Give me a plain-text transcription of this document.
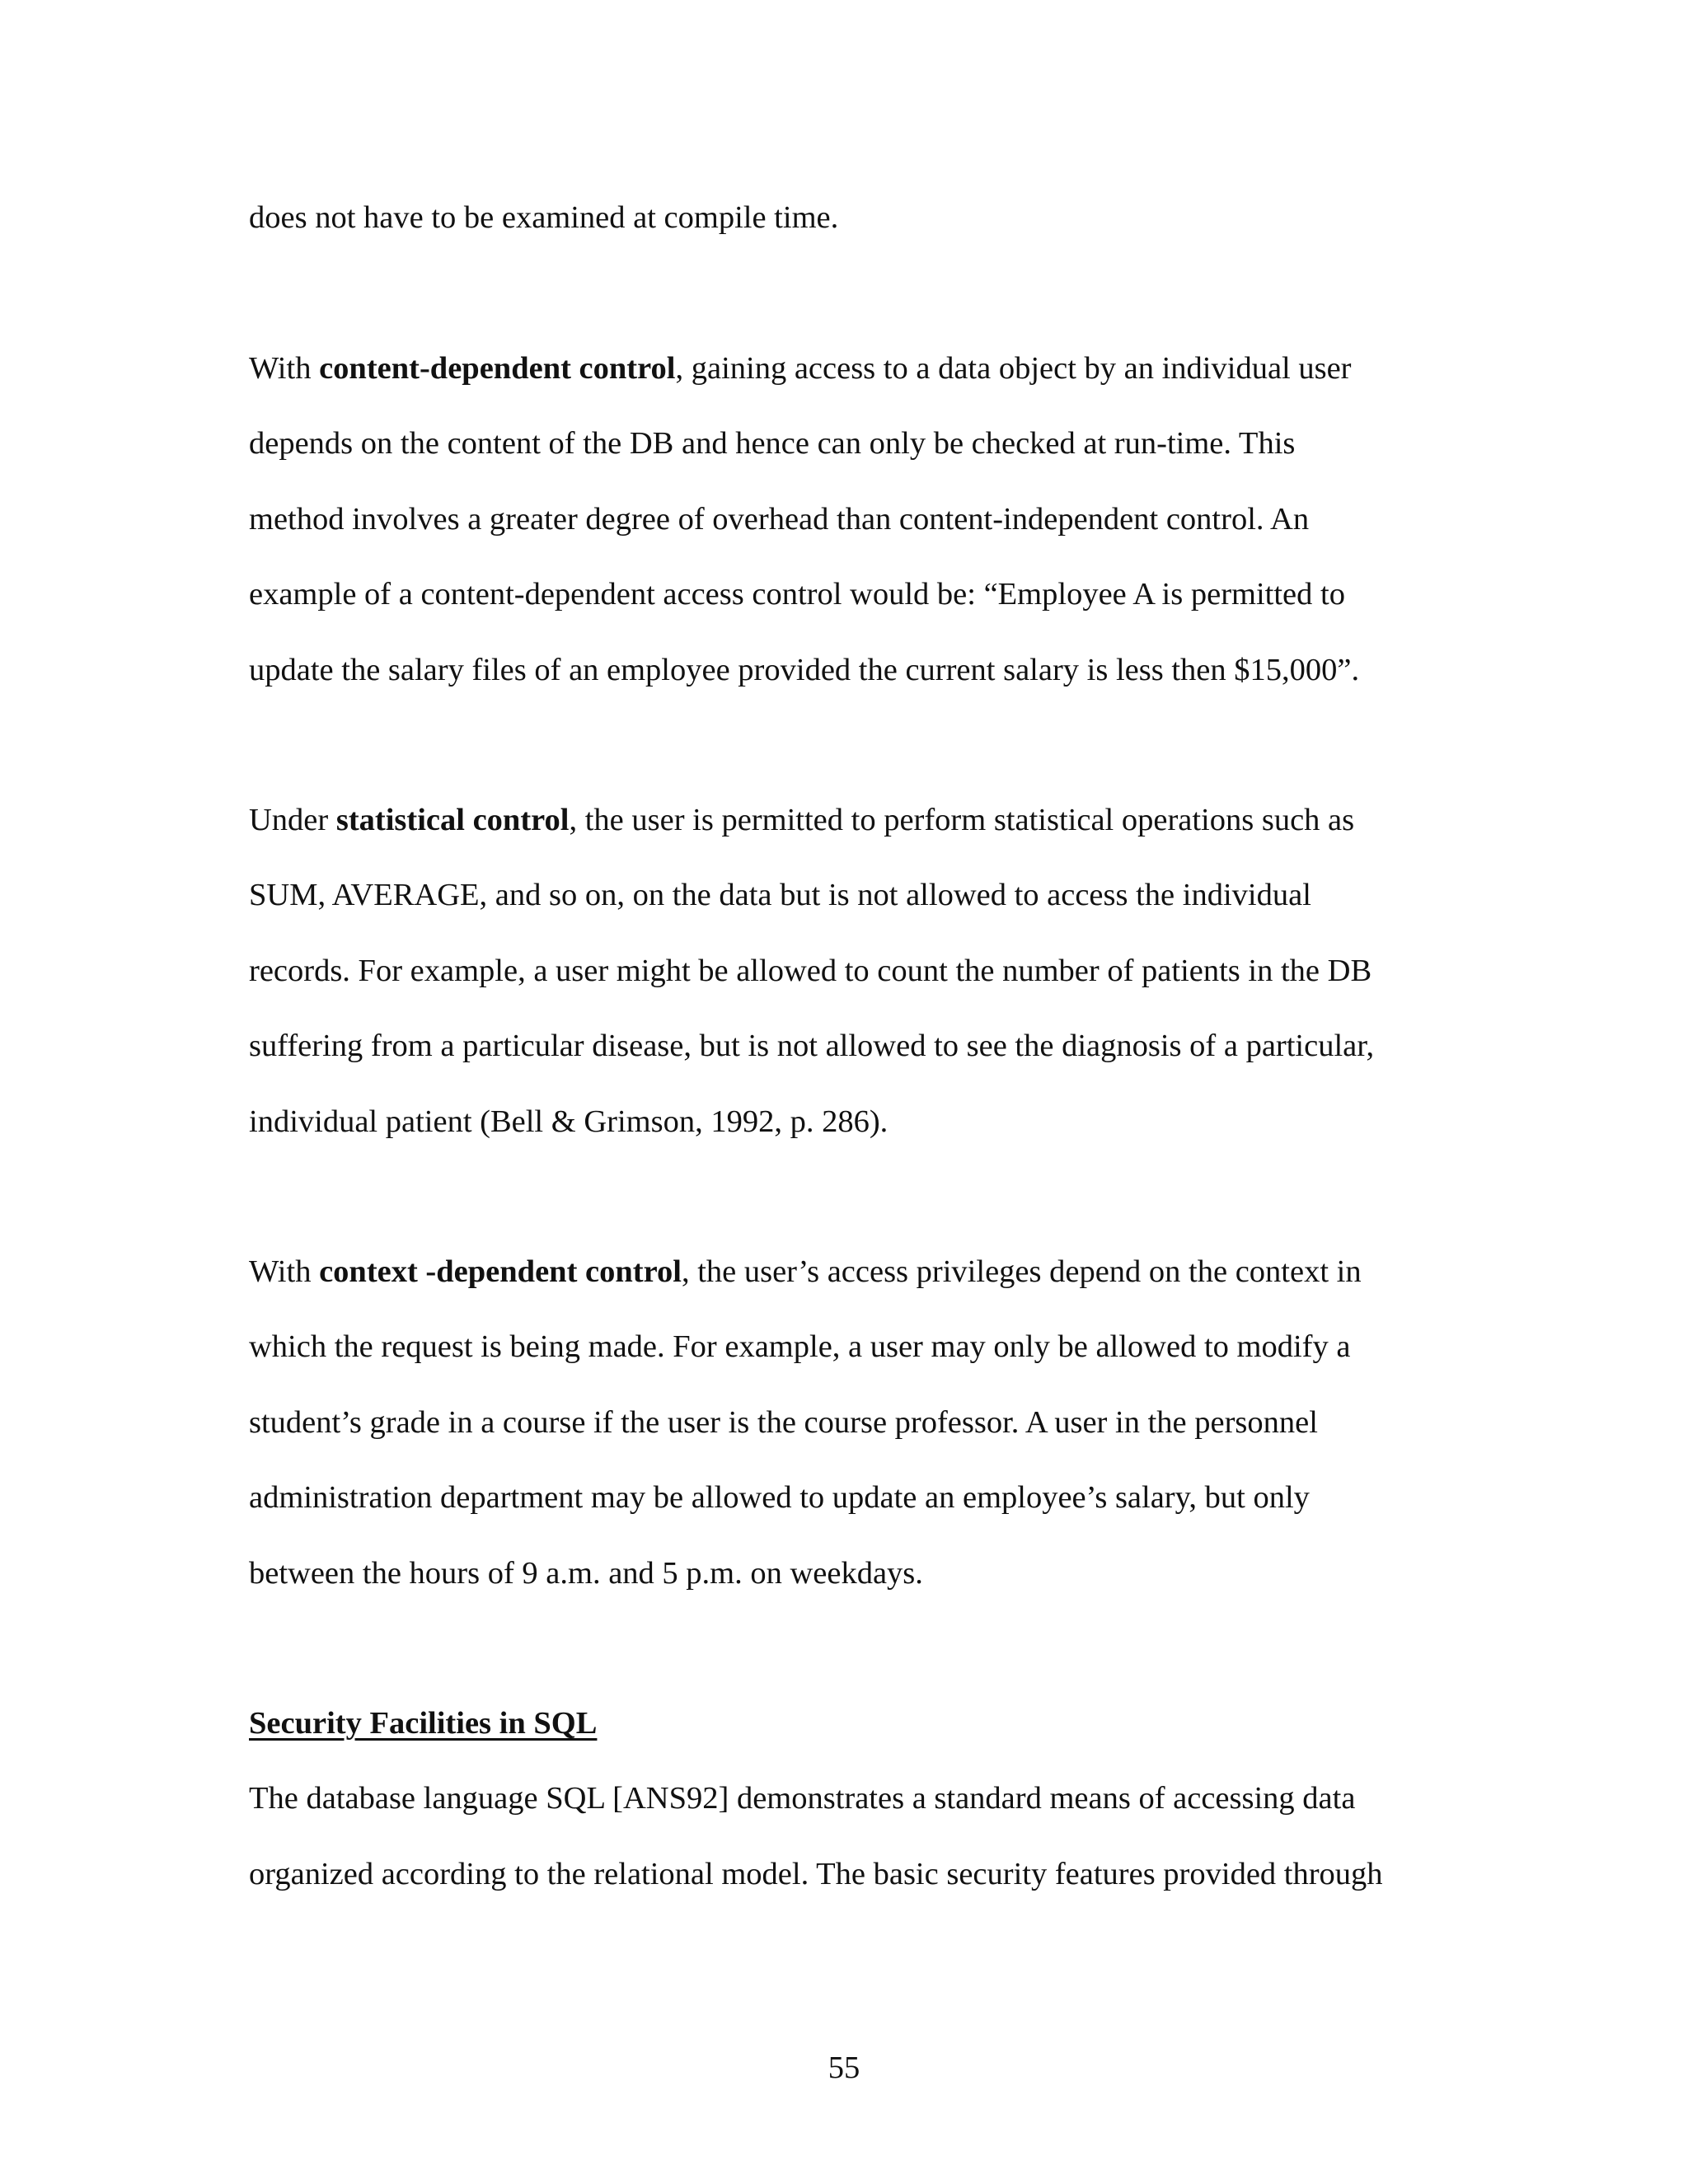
does not have to be examined at compile time.
With content-dependent control, gaining access to a data object by an individual user
depends on the content of the DB and hence can only be checked at run-time. This
method involves a greater degree of overhead than content-independent control. An
example of a content-dependent access control would be: “Employee A is permitted to
update the salary files of an employee provided the current salary is less then $15,000”.
Under statistical control, the user is permitted to perform statistical operations such as
SUM, AVERAGE, and so on, on the data but is not allowed to access the individual
records. For example, a user might be allowed to count the number of patients in the DB
suffering from a particular disease, but is not allowed to see the diagnosis of a particular,
individual patient (Bell & Grimson, 1992, p. 286).
With context -dependent control, the user’s access privileges depend on the context in
which the request is being made. For example, a user may only be allowed to modify a
student’s grade in a course if the user is the course professor. A user in the personnel
administration department may be allowed to update an employee’s salary, but only
between the hours of 9 a.m. and 5 p.m. on weekdays.
Security Facilities in SQL
The database language SQL [ANS92] demonstrates a standard means of accessing data
organized according to the relational model. The basic security features provided through
55
